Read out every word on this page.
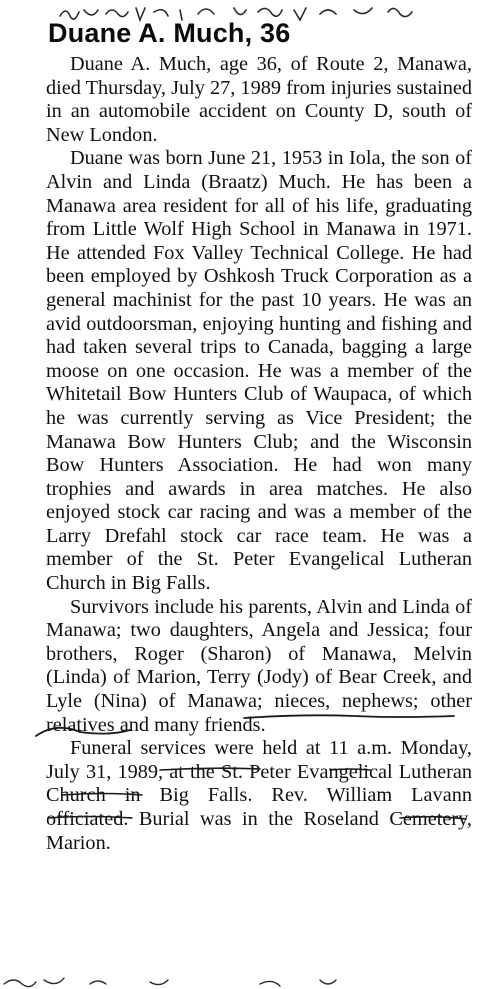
Duane A. Much, 36

Duane A. Much, age 36, of Route 2, Manawa, died Thursday, July 27, 1989 from injuries sustained in an automobile accident on County D, south of New London.

Duane was born June 21, 1953 in Iola, the son of Alvin and Linda (Braatz) Much. He has been a Manawa area resident for all of his life, graduating from Little Wolf High School in Manawa in 1971. He attended Fox Valley Technical College. He had been employed by Oshkosh Truck Corporation as a general machinist for the past 10 years. He was an avid outdoorsman, enjoying hunting and fishing and had taken several trips to Canada, bagging a large moose on one occasion. He was a member of the Whitetail Bow Hunters Club of Waupaca, of which he was currently serving as Vice President; the Manawa Bow Hunters Club; and the Wisconsin Bow Hunters Association. He had won many trophies and awards in area matches. He also enjoyed stock car racing and was a member of the Larry Drefahl stock car race team. He was a member of the St. Peter Evangelical Lutheran Church in Big Falls.

Survivors include his parents, Alvin and Linda of Manawa; two daughters, Angela and Jessica; four brothers, Roger (Sharon) of Manawa, Melvin (Linda) of Marion, Terry (Jody) of Bear Creek, and Lyle (Nina) of Manawa; nieces, nephews; other relatives and many friends.

Funeral services were held at 11 a.m. Monday, July 31, 1989, at the St. Peter Evangelical Lutheran Church in Big Falls. Rev. William Lavann officiated. Burial was in the Roseland Cemetery, Marion.
